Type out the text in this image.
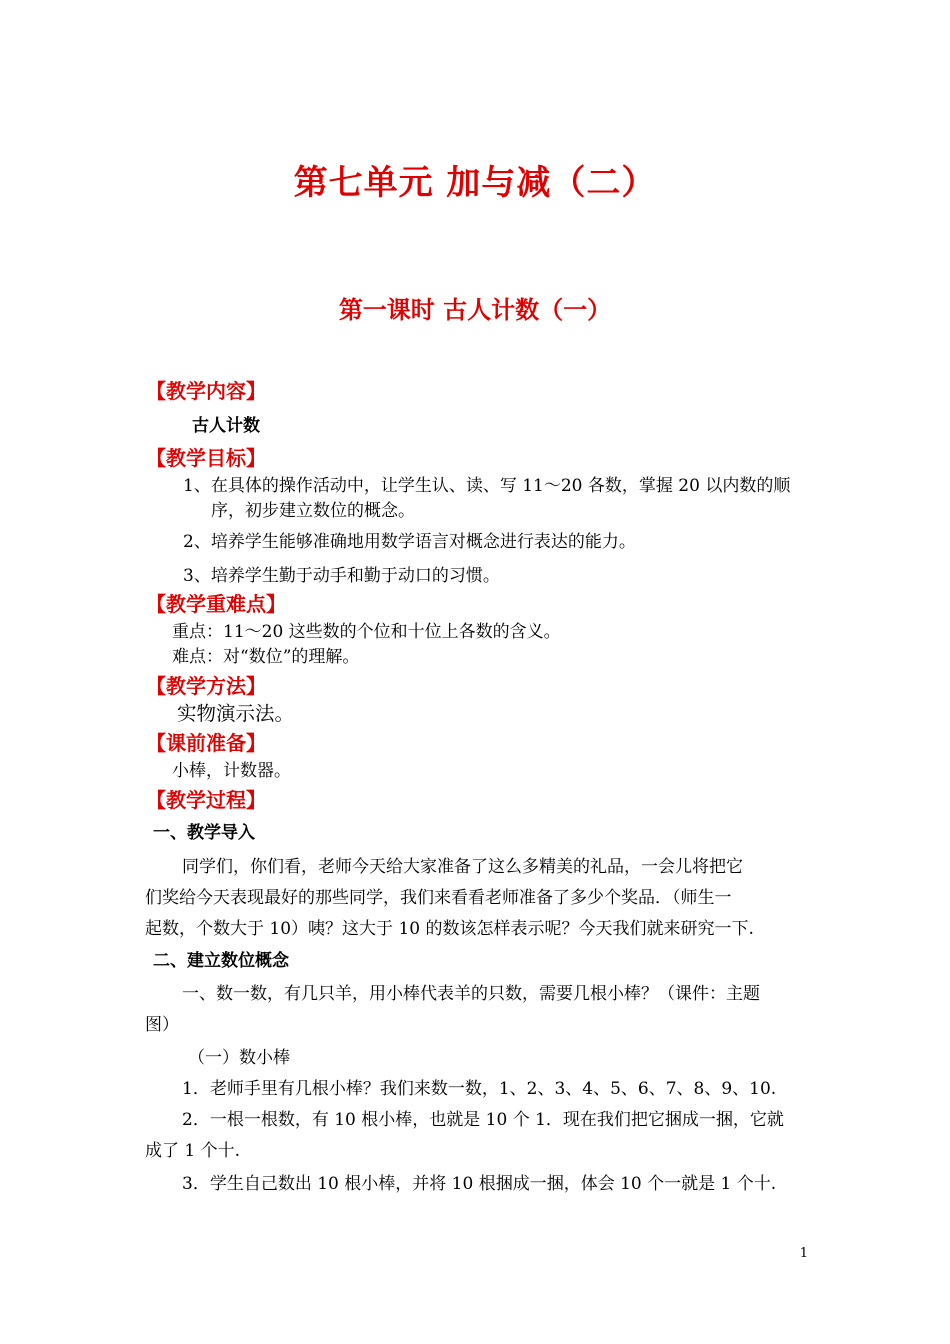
第七单元 加与减（二）
第一课时 古人计数（一）
【教学内容】
古人计数
【教学目标】
1、在具体的操作活动中，让学生认、读、写 11～20 各数，掌握 20 以内数的顺
序，初步建立数位的概念。
2、培养学生能够准确地用数学语言对概念进行表达的能力。
3、培养学生勤于动手和勤于动口的习惯。
【教学重难点】
重点：11～20 这些数的个位和十位上各数的含义。
难点：对“数位”的理解。
【教学方法】
实物演示法。
【课前准备】
小棒，计数器。
【教学过程】
一、教学导入
同学们，你们看，老师今天给大家准备了这么多精美的礼品，一会儿将把它
们奖给今天表现最好的那些同学，我们来看看老师准备了多少个奖品．（师生一
起数，个数大于 10）咦？这大于 10 的数该怎样表示呢？今天我们就来研究一下.
二、建立数位概念
一、数一数，有几只羊，用小棒代表羊的只数，需要几根小棒？（课件：主题
图）
（一）数小棒
1．老师手里有几根小棒？我们来数一数，1、2、3、4、5、6、7、8、9、10.
2．一根一根数，有 10 根小棒，也就是 10 个 1．现在我们把它捆成一捆，它就
成了 1 个十.
3．学生自己数出 10 根小棒，并将 10 根捆成一捆，体会 10 个一就是 1 个十.
1
